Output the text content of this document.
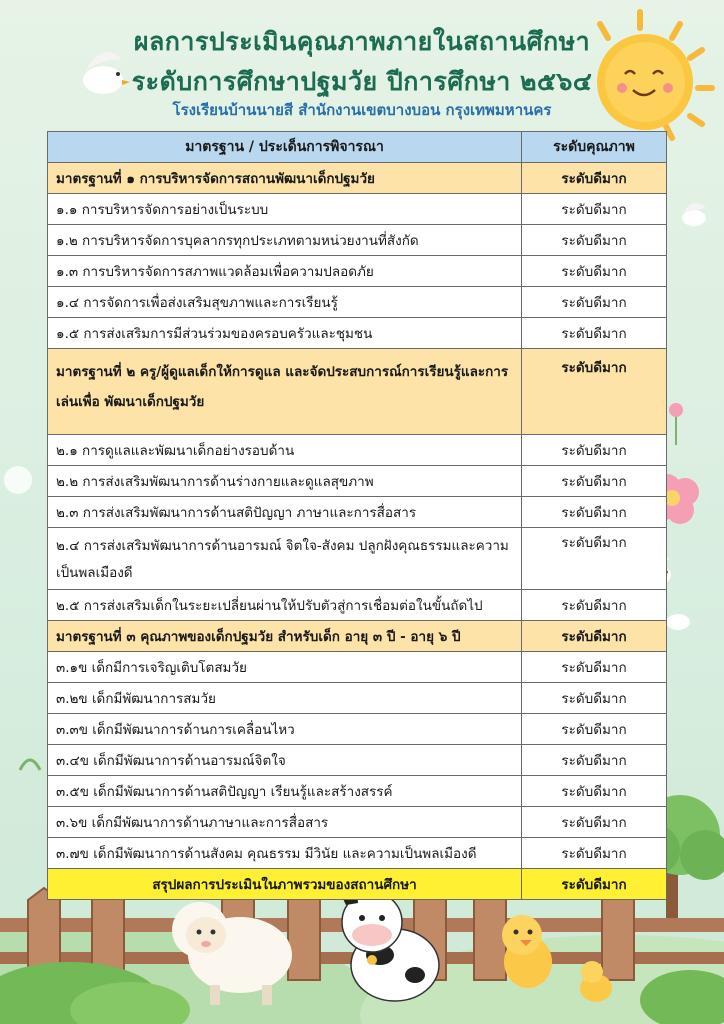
ผลการประเมินคุณภาพภายในสถานศึกษา
ระดับการศึกษาปฐมวัย ปีการศึกษา ๒๕๖๔
โรงเรียนบ้านนายสี สำนักงานเขตบางบอน กรุงเทพมหานคร
มาตรฐาน / ประเด็นการพิจารณา	ระดับคุณภาพ

มาตรฐานที่ ๑ การบริหารจัดการสถานพัฒนาเด็กปฐมวัย	ระดับดีมาก
๑.๑ การบริหารจัดการอย่างเป็นระบบ	ระดับดีมาก
๑.๒ การบริหารจัดการบุคลากรทุกประเภทตามหน่วยงานที่สังกัด	ระดับดีมาก
๑.๓ การบริหารจัดการสภาพแวดล้อมเพื่อความปลอดภัย	ระดับดีมาก
๑.๔ การจัดการเพื่อส่งเสริมสุขภาพและการเรียนรู้	ระดับดีมาก
๑.๕ การส่งเสริมการมีส่วนร่วมของครอบครัวและชุมชน	ระดับดีมาก
มาตรฐานที่ ๒ ครู/ผู้ดูแลเด็กให้การดูแล และจัดประสบการณ์การเรียนรู้และการเล่นเพื่อ พัฒนาเด็กปฐมวัย	ระดับดีมาก
๒.๑ การดูแลและพัฒนาเด็กอย่างรอบด้าน	ระดับดีมาก
๒.๒ การส่งเสริมพัฒนาการด้านร่างกายและดูแลสุขภาพ	ระดับดีมาก
๒.๓ การส่งเสริมพัฒนาการด้านสติปัญญา ภาษาและการสื่อสาร	ระดับดีมาก
๒.๔ การส่งเสริมพัฒนาการด้านอารมณ์ จิตใจ-สังคม ปลูกฝังคุณธรรมและความเป็นพลเมืองดี	ระดับดีมาก
๒.๕ การส่งเสริมเด็กในระยะเปลี่ยนผ่านให้ปรับตัวสู่การเชื่อมต่อในขั้นถัดไป	ระดับดีมาก
มาตรฐานที่ ๓ คุณภาพของเด็กปฐมวัย สำหรับเด็ก อายุ ๓ ปี - อายุ ๖ ปี	ระดับดีมาก
๓.๑ข เด็กมีการเจริญเติบโตสมวัย	ระดับดีมาก
๓.๒ข เด็กมีพัฒนาการสมวัย	ระดับดีมาก
๓.๓ข เด็กมีพัฒนาการด้านการเคลื่อนไหว	ระดับดีมาก
๓.๔ข เด็กมีพัฒนาการด้านอารมณ์จิตใจ	ระดับดีมาก
๓.๕ข เด็กมีพัฒนาการด้านสติปัญญา เรียนรู้และสร้างสรรค์	ระดับดีมาก
๓.๖ข เด็กมีพัฒนาการด้านภาษาและการสื่อสาร	ระดับดีมาก
๓.๗ข เด็กมีพัฒนาการด้านสังคม คุณธรรม มีวินัย และความเป็นพลเมืองดี	ระดับดีมาก
สรุปผลการประเมินในภาพรวมของสถานศึกษา	ระดับดีมาก
